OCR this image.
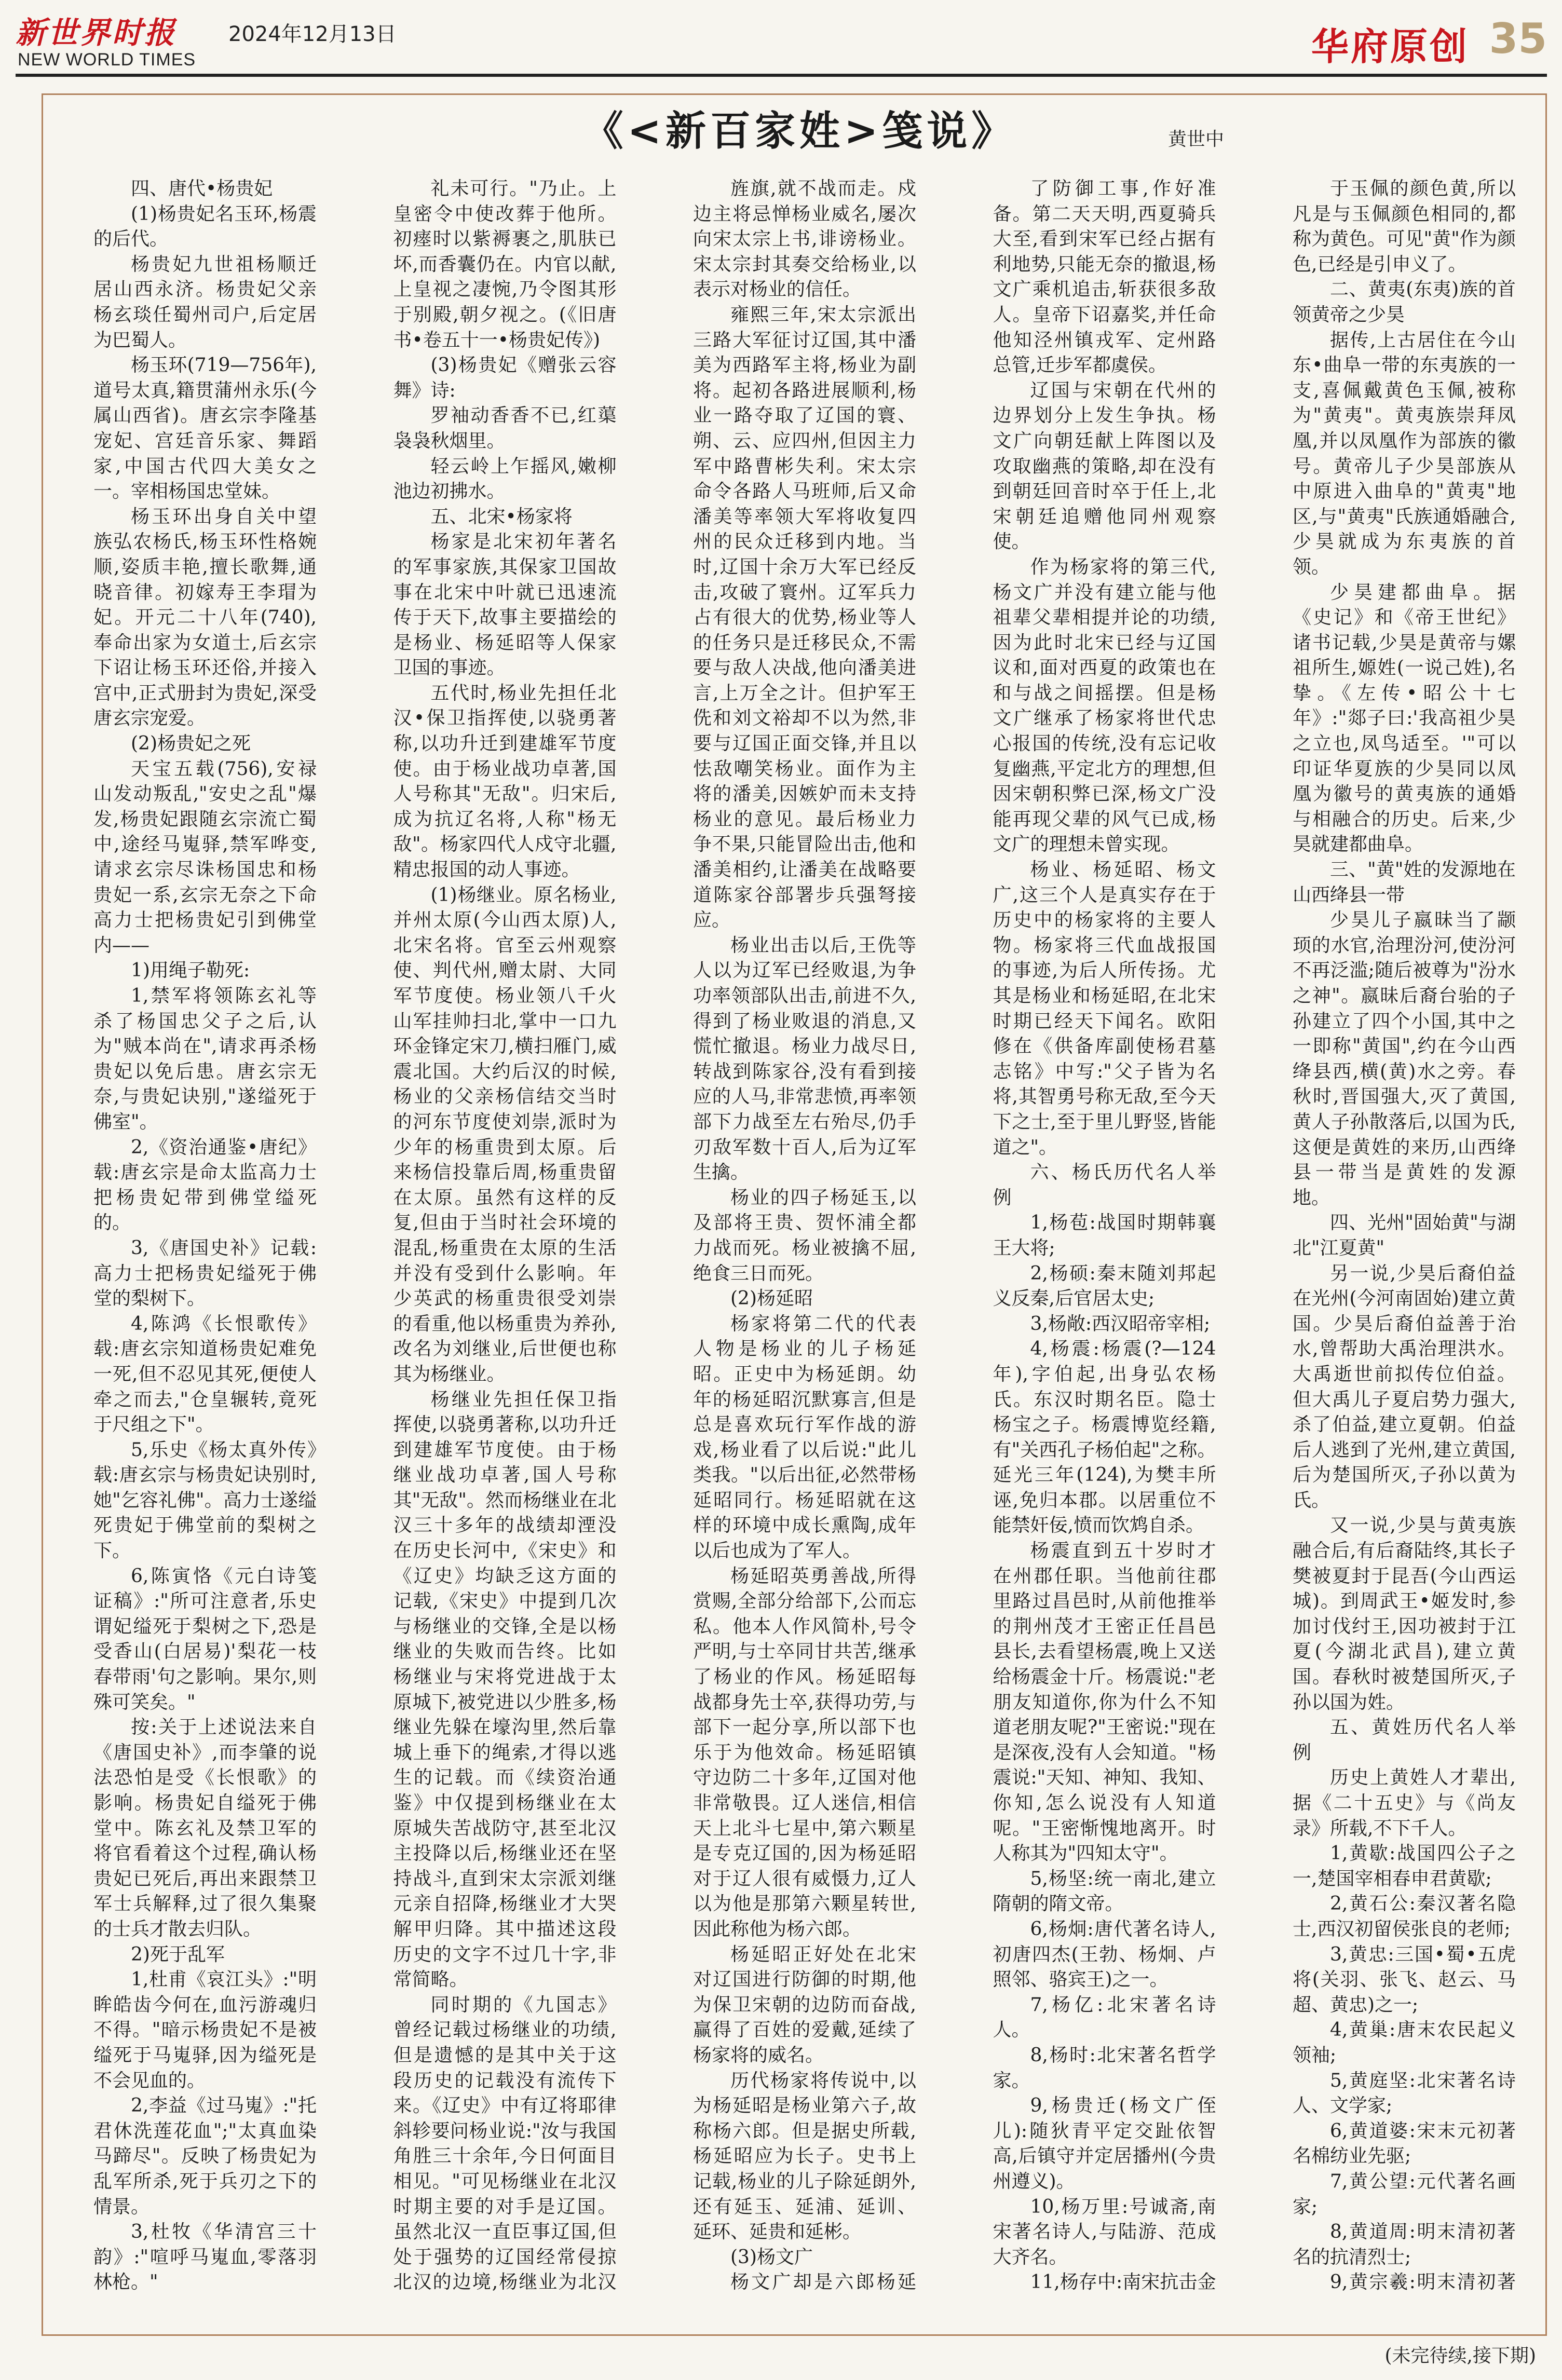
新世界时报 2024年12月13日
NEW WORLD TIMES	华府原创 35
《<新百家姓>笺说》	黄世中

四、唐代•杨贵妃

(1)杨贵妃名玉环,杨震的后代。

杨贵妃九世祖杨顺迁居山西永济。杨贵妃父亲杨玄琰任蜀州司户,后定居为巴蜀人。

杨玉环(719—756年),道号太真,籍贯蒲州永乐(今属山西省)。唐玄宗李隆基宠妃、宫廷音乐家、舞蹈家,中国古代四大美女之一。宰相杨国忠堂妹。

杨玉环出身自关中望族弘农杨氏,杨玉环性格婉顺,姿质丰艳,擅长歌舞,通晓音律。初嫁寿王李瑁为妃。开元二十八年(740),奉命出家为女道士,后玄宗下诏让杨玉环还俗,并接入宫中,正式册封为贵妃,深受唐玄宗宠爱。

(2)杨贵妃之死

天宝五载(756),安禄山发动叛乱,"安史之乱"爆发,杨贵妃跟随玄宗流亡蜀中,途经马嵬驿,禁军哗变,请求玄宗尽诛杨国忠和杨贵妃一系,玄宗无奈之下命高力士把杨贵妃引到佛堂内——

1)用绳子勒死:

1,禁军将领陈玄礼等杀了杨国忠父子之后,认为"贼本尚在",请求再杀杨贵妃以免后患。唐玄宗无奈,与贵妃诀别,"遂缢死于佛室"。

2,《资治通鉴•唐纪》载:唐玄宗是命太监高力士把杨贵妃带到佛堂缢死的。

3,《唐国史补》记载:高力士把杨贵妃缢死于佛堂的梨树下。

4,陈鸿《长恨歌传》载:唐玄宗知道杨贵妃难免一死,但不忍见其死,便使人牵之而去,"仓皇辗转,竟死于尺组之下"。

5,乐史《杨太真外传》载:唐玄宗与杨贵妃诀别时,她"乞容礼佛"。高力士遂缢死贵妃于佛堂前的梨树之下。

6,陈寅恪《元白诗笺证稿》:"所可注意者,乐史谓妃缢死于梨树之下,恐是受香山(白居易)'梨花一枝春带雨'句之影响。果尔,则殊可笑矣。"

按:关于上述说法来自《唐国史补》,而李肇的说法恐怕是受《长恨歌》的影响。杨贵妃自缢死于佛堂中。陈玄礼及禁卫军的将官看着这个过程,确认杨贵妃已死后,再出来跟禁卫军士兵解释,过了很久集聚的士兵才散去归队。

2)死于乱军

1,杜甫《哀江头》:"明眸皓齿今何在,血污游魂归不得。"暗示杨贵妃不是被缢死于马嵬驿,因为缢死是不会见血的。

2,李益《过马嵬》:"托君休洗莲花血";"太真血染马蹄尽"。反映了杨贵妃为乱军所杀,死于兵刃之下的情景。

3,杜牧《华清宫三十韵》:"喧呼马嵬血,零落羽林枪。"

礼未可行。"乃止。上皇密令中使改葬于他所。初瘗时以紫褥裹之,肌肤已坏,而香囊仍在。内官以献,上皇视之凄惋,乃令图其形于别殿,朝夕视之。(《旧唐书•卷五十一•杨贵妃传》)

(3)杨贵妃《赠张云容舞》诗:

罗袖动香香不已,红蕖袅袅秋烟里。

轻云岭上乍摇风,嫩柳池边初拂水。

五、北宋•杨家将

杨家是北宋初年著名的军事家族,其保家卫国故事在北宋中叶就已迅速流传于天下,故事主要描绘的是杨业、杨延昭等人保家卫国的事迹。

五代时,杨业先担任北汉•保卫指挥使,以骁勇著称,以功升迁到建雄军节度使。由于杨业战功卓著,国人号称其"无敌"。归宋后,成为抗辽名将,人称"杨无敌"。杨家四代人戍守北疆,精忠报国的动人事迹。

(1)杨继业。原名杨业,并州太原(今山西太原)人,北宋名将。官至云州观察使、判代州,赠太尉、大同军节度使。杨业领八千火山军挂帅扫北,掌中一口九环金锋定宋刀,横扫雁门,威震北国。大约后汉的时候,杨业的父亲杨信结交当时的河东节度使刘崇,派时为少年的杨重贵到太原。后来杨信投靠后周,杨重贵留在太原。虽然有这样的反复,但由于当时社会环境的混乱,杨重贵在太原的生活并没有受到什么影响。年少英武的杨重贵很受刘崇的看重,他以杨重贵为养孙,改名为刘继业,后世便也称其为杨继业。

杨继业先担任保卫指挥使,以骁勇著称,以功升迁到建雄军节度使。由于杨继业战功卓著,国人号称其"无敌"。然而杨继业在北汉三十多年的战绩却湮没在历史长河中,《宋史》和《辽史》均缺乏这方面的记载,《宋史》中提到几次与杨继业的交锋,全是以杨继业的失败而告终。比如杨继业与宋将党进战于太原城下,被党进以少胜多,杨继业先躲在壕沟里,然后靠城上垂下的绳索,才得以逃生的记载。而《续资治通鉴》中仅提到杨继业在太原城失苦战防守,甚至北汉主投降以后,杨继业还在坚持战斗,直到宋太宗派刘继元亲自招降,杨继业才大哭解甲归降。其中描述这段历史的文字不过几十字,非常简略。

同时期的《九国志》曾经记载过杨继业的功绩,但是遗憾的是其中关于这段历史的记载没有流传下来。《辽史》中有辽将耶律斜轸要问杨业说:"汝与我国角胜三十余年,今日何面目相见。"可见杨继业在北汉时期主要的对手是辽国。虽然北汉一直臣事辽国,但处于强势的辽国经常侵掠北汉的边境,杨继业为北汉

旌旗,就不战而走。戍边主将忌惮杨业威名,屡次向宋太宗上书,诽谤杨业。宋太宗封其奏交给杨业,以表示对杨业的信任。

雍熙三年,宋太宗派出三路大军征讨辽国,其中潘美为西路军主将,杨业为副将。起初各路进展顺利,杨业一路夺取了辽国的寰、朔、云、应四州,但因主力军中路曹彬失利。宋太宗命令各路人马班师,后又命潘美等率领大军将收复四州的民众迁移到内地。当时,辽国十余万大军已经反击,攻破了寰州。辽军兵力占有很大的优势,杨业等人的任务只是迁移民众,不需要与敌人决战,他向潘美进言,上万全之计。但护军王侁和刘文裕却不以为然,非要与辽国正面交锋,并且以怯敌嘲笑杨业。面作为主将的潘美,因嫉妒而未支持杨业的意见。最后杨业力争不果,只能冒险出击,他和潘美相约,让潘美在战略要道陈家谷部署步兵强弩接应。

杨业出击以后,王侁等人以为辽军已经败退,为争功率领部队出击,前进不久,得到了杨业败退的消息,又慌忙撤退。杨业力战尽日,转战到陈家谷,没有看到接应的人马,非常悲愤,再率领部下力战至左右殆尽,仍手刃敌军数十百人,后为辽军生擒。

杨业的四子杨延玉,以及部将王贵、贺怀浦全都力战而死。杨业被擒不屈,绝食三日而死。

(2)杨延昭

杨家将第二代的代表人物是杨业的儿子杨延昭。正史中为杨延朗。幼年的杨延昭沉默寡言,但是总是喜欢玩行军作战的游戏,杨业看了以后说:"此儿类我。"以后出征,必然带杨延昭同行。杨延昭就在这样的环境中成长熏陶,成年以后也成为了军人。

杨延昭英勇善战,所得赏赐,全部分给部下,公而忘私。他本人作风简朴,号令严明,与士卒同甘共苦,继承了杨业的作风。杨延昭每战都身先士卒,获得功劳,与部下一起分享,所以部下也乐于为他效命。杨延昭镇守边防二十多年,辽国对他非常敬畏。辽人迷信,相信天上北斗七星中,第六颗星是专克辽国的,因为杨延昭对于辽人很有威慑力,辽人以为他是那第六颗星转世,因此称他为杨六郎。

杨延昭正好处在北宋对辽国进行防御的时期,他为保卫宋朝的边防而奋战,赢得了百姓的爱戴,延续了杨家将的威名。

历代杨家将传说中,以为杨延昭是杨业第六子,故称杨六郎。但是据史所载,杨延昭应为长子。史书上记载,杨业的儿子除延朗外,还有延玉、延浦、延训、延环、延贵和延彬。

(3)杨文广

杨文广却是六郎杨延

了防御工事,作好准备。第二天天明,西夏骑兵大至,看到宋军已经占据有利地势,只能无奈的撤退,杨文广乘机追击,斩获很多敌人。皇帝下诏嘉奖,并任命他知泾州镇戎军、定州路总管,迁步军都虞侯。

辽国与宋朝在代州的边界划分上发生争执。杨文广向朝廷献上阵图以及攻取幽燕的策略,却在没有到朝廷回音时卒于任上,北宋朝廷追赠他同州观察使。

作为杨家将的第三代,杨文广并没有建立能与他祖辈父辈相提并论的功绩,因为此时北宋已经与辽国议和,面对西夏的政策也在和与战之间摇摆。但是杨文广继承了杨家将世代忠心报国的传统,没有忘记收复幽燕,平定北方的理想,但因宋朝积弊已深,杨文广没能再现父辈的风气已成,杨文广的理想未曾实现。

杨业、杨延昭、杨文广,这三个人是真实存在于历史中的杨家将的主要人物。杨家将三代血战报国的事迹,为后人所传扬。尤其是杨业和杨延昭,在北宋时期已经天下闻名。欧阳修在《供备库副使杨君墓志铭》中写:"父子皆为名将,其智勇号称无敌,至今天下之士,至于里儿野竖,皆能道之"。

六、杨氏历代名人举例

1,杨苞:战国时期韩襄王大将;

2,杨硕:秦末随刘邦起义反秦,后官居太史;

3,杨敞:西汉昭帝宰相;

4,杨震:杨震(?—124年),字伯起,出身弘农杨氏。东汉时期名臣。隐士杨宝之子。杨震博览经籍,有"关西孔子杨伯起"之称。延光三年(124),为樊丰所诬,免归本郡。以居重位不能禁奸佞,愤而饮鸩自杀。

杨震直到五十岁时才在州郡任职。当他前往郡里路过昌邑时,从前他推举的荆州茂才王密正任昌邑县长,去看望杨震,晚上又送给杨震金十斤。杨震说:"老朋友知道你,你为什么不知道老朋友呢?"王密说:"现在是深夜,没有人会知道。"杨震说:"天知、神知、我知、你知,怎么说没有人知道呢。"王密惭愧地离开。时人称其为"四知太守"。

5,杨坚:统一南北,建立隋朝的隋文帝。

6,杨炯:唐代著名诗人,初唐四杰(王勃、杨炯、卢照邻、骆宾王)之一。

7,杨亿:北宋著名诗人。

8,杨时:北宋著名哲学家。

9,杨贵迁(杨文广侄儿):随狄青平定交趾依智高,后镇守并定居播州(今贵州遵义)。

10,杨万里:号诚斋,南宋著名诗人,与陆游、范成大齐名。

11,杨存中:南宋抗击金

于玉佩的颜色黄,所以凡是与玉佩颜色相同的,都称为黄色。可见"黄"作为颜色,已经是引申义了。

二、黄夷(东夷)族的首领黄帝之少昊

据传,上古居住在今山东•曲阜一带的东夷族的一支,喜佩戴黄色玉佩,被称为"黄夷"。黄夷族崇拜凤凰,并以凤凰作为部族的徽号。黄帝儿子少昊部族从中原进入曲阜的"黄夷"地区,与"黄夷"氏族通婚融合,少昊就成为东夷族的首领。

少昊建都曲阜。据《史记》和《帝王世纪》诸书记载,少昊是黄帝与嫘祖所生,嫄姓(一说己姓),名挚。《左传•昭公十七年》:"郯子曰:'我高祖少昊之立也,凤鸟适至。'"可以印证华夏族的少昊同以凤凰为徽号的黄夷族的通婚与相融合的历史。后来,少昊就建都曲阜。

三、"黄"姓的发源地在山西绛县一带

少昊儿子嬴昧当了颛顼的水官,治理汾河,使汾河不再泛滥;随后被尊为"汾水之神"。嬴昧后裔台骀的子孙建立了四个小国,其中之一即称"黄国",约在今山西绛县西,横(黄)水之旁。春秋时,晋国强大,灭了黄国,黄人子孙散落后,以国为氏,这便是黄姓的来历,山西绛县一带当是黄姓的发源地。

四、光州"固始黄"与湖北"江夏黄"

另一说,少昊后裔伯益在光州(今河南固始)建立黄国。少昊后裔伯益善于治水,曾帮助大禹治理洪水。大禹逝世前拟传位伯益。但大禹儿子夏启势力强大,杀了伯益,建立夏朝。伯益后人逃到了光州,建立黄国,后为楚国所灭,子孙以黄为氏。

又一说,少昊与黄夷族融合后,有后裔陆终,其长子樊被夏封于昆吾(今山西运城)。到周武王•姬发时,参加讨伐纣王,因功被封于江夏(今湖北武昌),建立黄国。春秋时被楚国所灭,子孙以国为姓。

五、黄姓历代名人举例

历史上黄姓人才辈出,据《二十五史》与《尚友录》所载,不下千人。

1,黄歇:战国四公子之一,楚国宰相春申君黄歇;

2,黄石公:秦汉著名隐士,西汉初留侯张良的老师;

3,黄忠:三国•蜀•五虎将(关羽、张飞、赵云、马超、黄忠)之一;

4,黄巢:唐末农民起义领袖;

5,黄庭坚:北宋著名诗人、文学家;

6,黄道婆:宋末元初著名棉纺业先驱;

7,黄公望:元代著名画家;

8,黄道周:明末清初著名的抗清烈士;

9,黄宗羲:明末清初著

(未完待续,接下期)
